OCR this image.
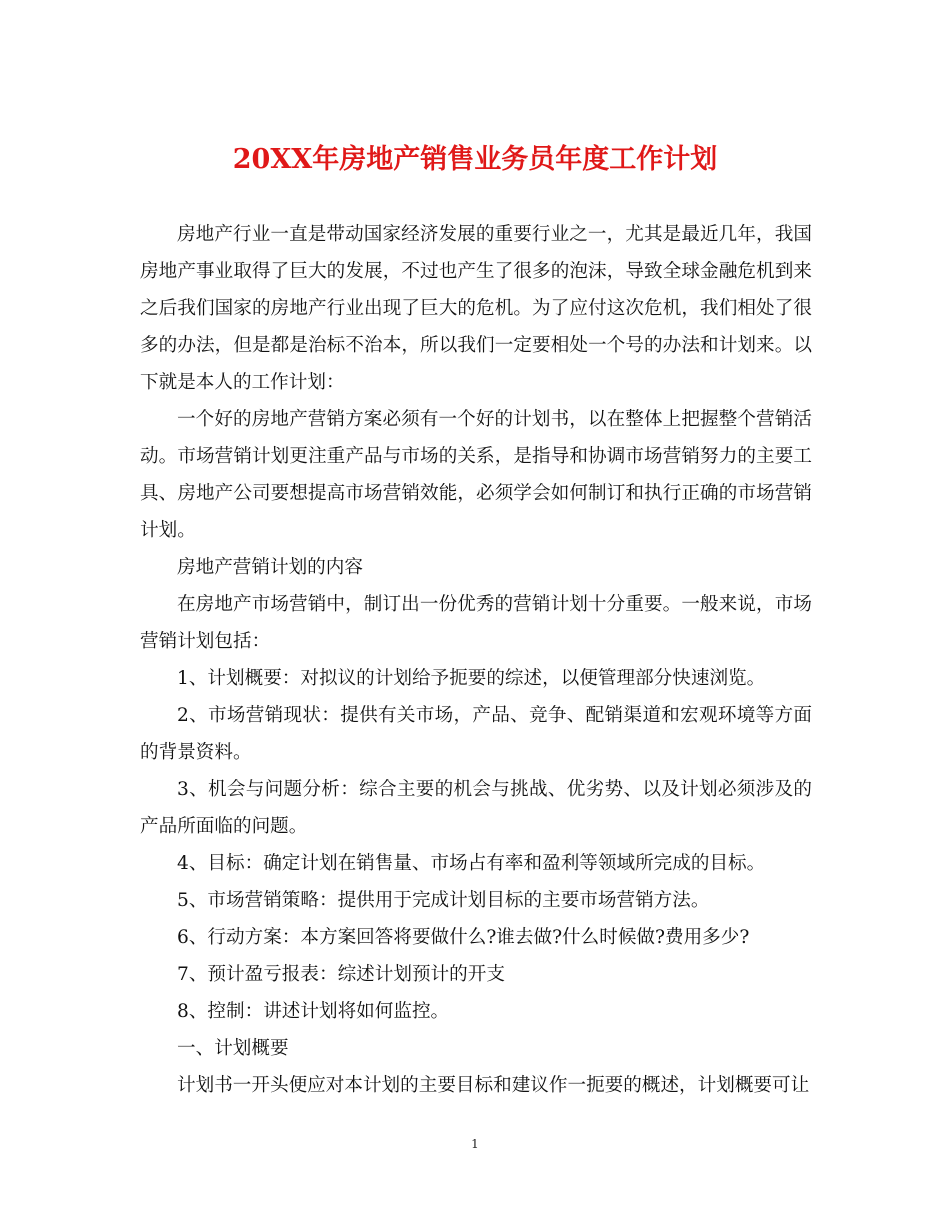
20XX年房地产销售业务员年度工作计划

房地产行业一直是带动国家经济发展的重要行业之一，尤其是最近几年，我国房地产事业取得了巨大的发展，不过也产生了很多的泡沫，导致全球金融危机到来之后我们国家的房地产行业出现了巨大的危机。为了应付这次危机，我们相处了很多的办法，但是都是治标不治本，所以我们一定要相处一个号的办法和计划来。以下就是本人的工作计划：

一个好的房地产营销方案必须有一个好的计划书，以在整体上把握整个营销活动。市场营销计划更注重产品与市场的关系，是指导和协调市场营销努力的主要工具、房地产公司要想提高市场营销效能，必须学会如何制订和执行正确的市场营销计划。

房地产营销计划的内容

在房地产市场营销中，制订出一份优秀的营销计划十分重要。一般来说，市场营销计划包括：

1、计划概要：对拟议的计划给予扼要的综述，以便管理部分快速浏览。

2、市场营销现状：提供有关市场，产品、竞争、配销渠道和宏观环境等方面的背景资料。

3、机会与问题分析：综合主要的机会与挑战、优劣势、以及计划必须涉及的产品所面临的问题。

4、目标：确定计划在销售量、市场占有率和盈利等领域所完成的目标。

5、市场营销策略：提供用于完成计划目标的主要市场营销方法。

6、行动方案：本方案回答将要做什么?谁去做?什么时候做?费用多少?

7、预计盈亏报表：综述计划预计的开支

8、控制：讲述计划将如何监控。

一、计划概要

计划书一开头便应对本计划的主要目标和建议作一扼要的概述，计划概要可让

1
